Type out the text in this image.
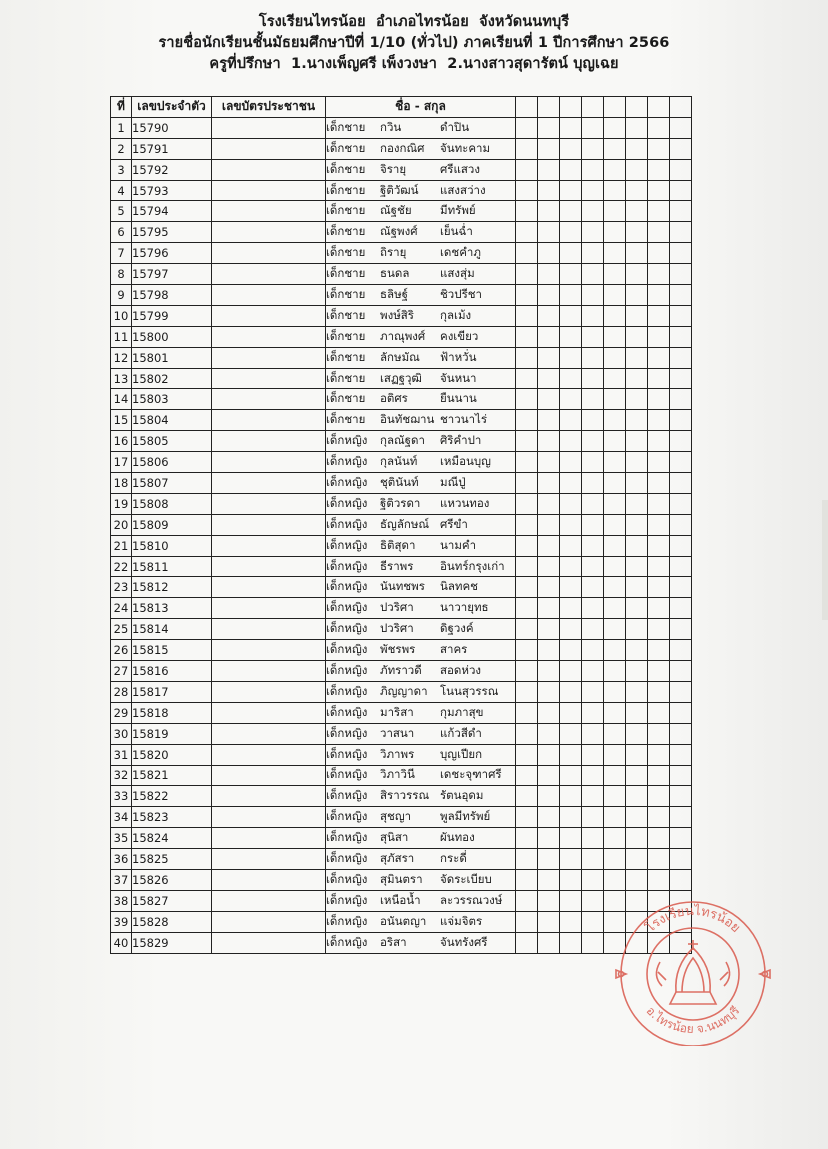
โรงเรียนไทรน้อย  อำเภอไทรน้อย  จังหวัดนนทบุรี
รายชื่อนักเรียนชั้นมัธยมศึกษาปีที่ 1/10 (ทั่วไป) ภาคเรียนที่ 1 ปีการศึกษา 2566
ครูที่ปรึกษา  1.นางเพ็ญศรี เพ็งวงษา  2.นางสาวสุดารัตน์ บุญเฉย
ที่	เลขประจำตัว	เลขบัตรประชาชน	ชื่อ - สกุล								
1	15790		เด็กชาย กวิน ดำปิน								
2	15791		เด็กชาย กองกณิศ จันทะคาม								
3	15792		เด็กชาย จิรายุ ศรีแสวง								
4	15793		เด็กชาย ฐิติวัฒน์ แสงสว่าง								
5	15794		เด็กชาย ณัฐชัย มีทรัพย์								
6	15795		เด็กชาย ณัฐพงศ์ เย็นฉ่ำ								
7	15796		เด็กชาย ถิรายุ เดชคำภู								
8	15797		เด็กชาย ธนดล แสงสุ่ม								
9	15798		เด็กชาย ธลิษฐ์ ชิวปรีชา								
10	15799		เด็กชาย พงษ์สิริ กุลเม้ง								
11	15800		เด็กชาย ภาณุพงศ์ คงเขียว								
12	15801		เด็กชาย ลักษมัณ ฟ้าหวั่น								
13	15802		เด็กชาย เสฏฐวุฒิ จันหนา								
14	15803		เด็กชาย อติศร ยืนนาน								
15	15804		เด็กชาย อินทัชฌาน ชาวนาไร่								
16	15805		เด็กหญิง กุลณัฐดา ศิริคำปา								
17	15806		เด็กหญิง กุลนันท์ เหมือนบุญ								
18	15807		เด็กหญิง ชุตินันท์ มณีปู่								
19	15808		เด็กหญิง ฐิติวรดา แหวนทอง								
20	15809		เด็กหญิง ธัญลักษณ์ ศรีขำ								
21	15810		เด็กหญิง ธิติสุดา นามคำ								
22	15811		เด็กหญิง ธีราพร อินทร์กรุงเก่า								
23	15812		เด็กหญิง นันทชพร นิลทคช								
24	15813		เด็กหญิง ปวริศา นาวายุทธ								
25	15814		เด็กหญิง ปวริศา ดิฐวงค์								
26	15815		เด็กหญิง พัชรพร สาคร								
27	15816		เด็กหญิง ภัทราวดี สอดห่วง								
28	15817		เด็กหญิง ภิญญาดา โนนสุวรรณ								
29	15818		เด็กหญิง มาริสา กุมภาสุข								
30	15819		เด็กหญิง วาสนา แก้วสีดำ								
31	15820		เด็กหญิง วิภาพร บุญเปียก								
32	15821		เด็กหญิง วิภาวินี เดชะจุฑาศรี								
33	15822		เด็กหญิง สิราวรรณ รัตนอุดม								
34	15823		เด็กหญิง สุชญา พูลมีทรัพย์								
35	15824		เด็กหญิง สุนิสา ผันทอง								
36	15825		เด็กหญิง สุภัสรา กระดี่								
37	15826		เด็กหญิง สุมินตรา จัดระเบียบ								
38	15827		เด็กหญิง เหนือน้ำ ละวรรณวงษ์								
39	15828		เด็กหญิง อนันตญา แจ่มจิตร								
40	15829		เด็กหญิง อริสา จันทรังศรี								
โรงเรียนไทรน้อย
อ.ไทรน้อย จ.นนทบุรี
